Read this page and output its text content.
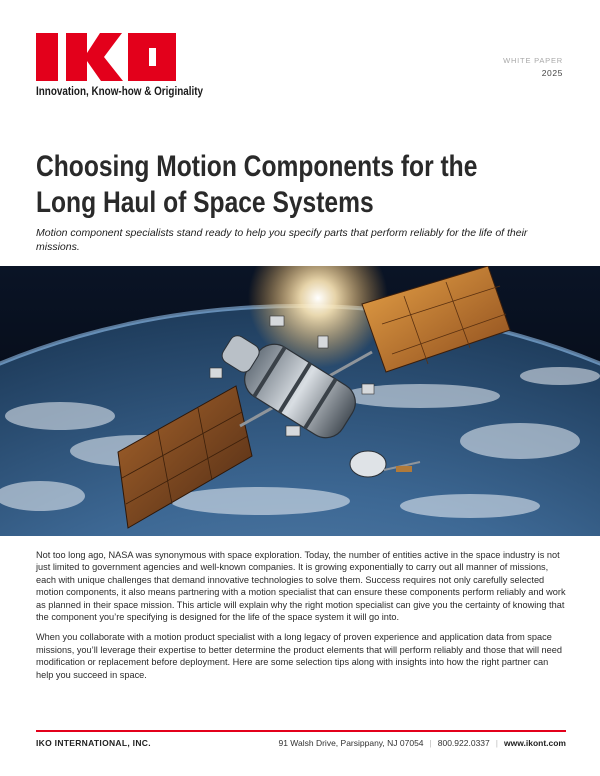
Innovation, Know-how & Originality
WHITE PAPER
2025
Choosing Motion Components for the
Long Haul of Space Systems

Motion component specialists stand ready to help you specify parts that perform reliably for the life of their missions.

Not too long ago, NASA was synonymous with space exploration. Today, the number of entities active in the space industry is not just limited to government agencies and well-known companies. It is growing exponentially to carry out all manner of missions, each with unique challenges that demand innovative technologies to solve them. Success requires not only carefully selected motion components, it also means partnering with a motion specialist that can ensure these components perform reliably and work as planned in their space mission. This article will explain why the right motion specialist can give you the certainty of knowing that the component you’re specifying is designed for the life of the space system it will go into.

When you collaborate with a motion product specialist with a long legacy of proven experience and application data from space missions, you’ll leverage their expertise to better determine the product elements that will perform reliably and those that will need modification or replacement before deployment. Here are some selection tips along with insights into how the right partner can help you succeed in space.

IKO INTERNATIONAL, INC.	91 Walsh Drive, Parsippany, NJ 07054 | 800.922.0337 | www.ikont.com
